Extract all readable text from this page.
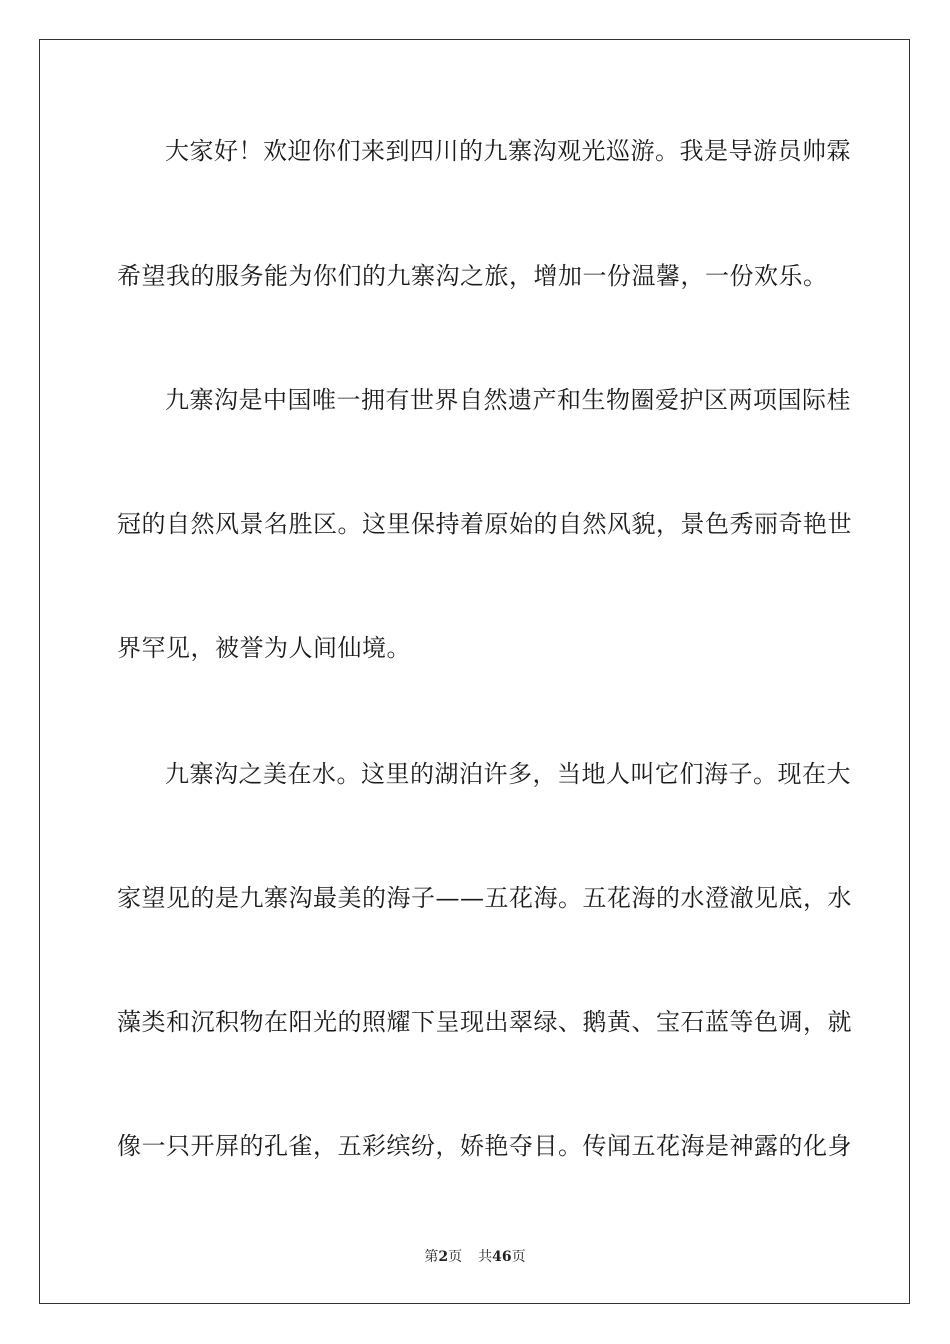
大家好！欢迎你们来到四川的九寨沟观光巡游。我是导游员帅霖
希望我的服务能为你们的九寨沟之旅，增加一份温馨，一份欢乐。
九寨沟是中国唯一拥有世界自然遗产和生物圈爱护区两项国际桂
冠的自然风景名胜区。这里保持着原始的自然风貌，景色秀丽奇艳世
界罕见，被誉为人间仙境。
九寨沟之美在水。这里的湖泊许多，当地人叫它们海子。现在大
家望见的是九寨沟最美的海子——五花海。五花海的水澄澈见底，水
藻类和沉积物在阳光的照耀下呈现出翠绿、鹅黄、宝石蓝等色调，就
像一只开屏的孔雀，五彩缤纷，娇艳夺目。传闻五花海是神露的化身
第2页 共46页
